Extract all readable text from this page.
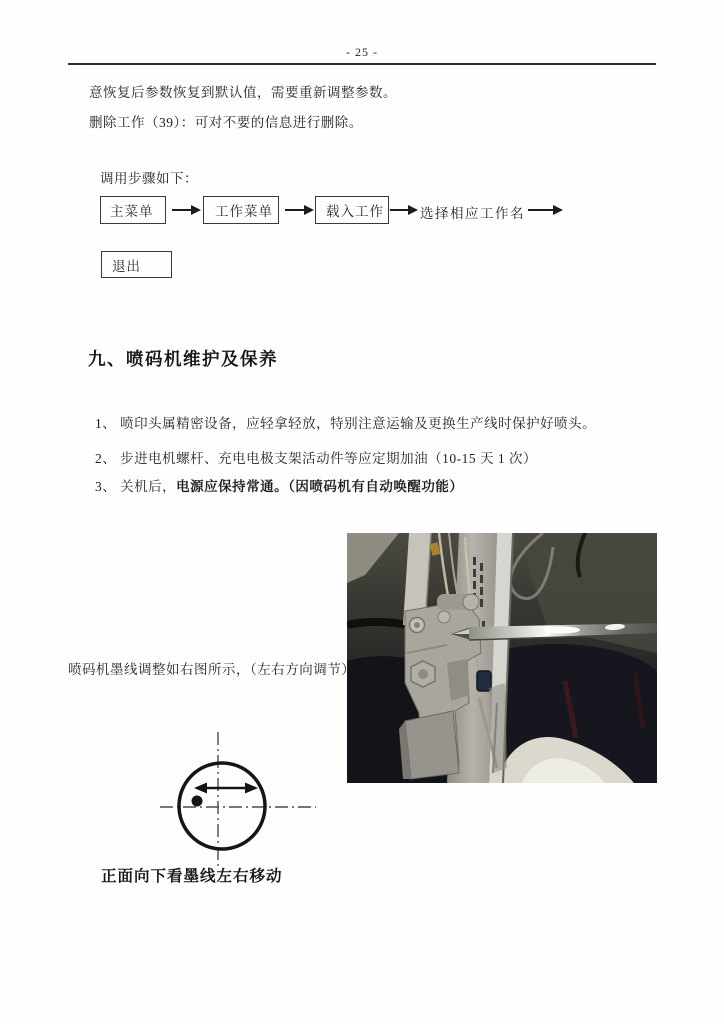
- 25 -
意恢复后参数恢复到默认值，需要重新调整参数。
删除工作（39）：可对不要的信息进行删除。
调用步骤如下：
主菜单	工作菜单	载入工作	选择相应工作名
退出
九、喷码机维护及保养
1、 喷印头属精密设备，应轻拿轻放，特别注意运输及更换生产线时保护好喷头。
2、 步进电机螺杆、充电电极支架活动件等应定期加油（10-15 天 1 次）
3、 关机后，电源应保持常通。（因喷码机有自动唤醒功能）
喷码机墨线调整如右图所示，（左右方向调节）
正面向下看墨线左右移动
